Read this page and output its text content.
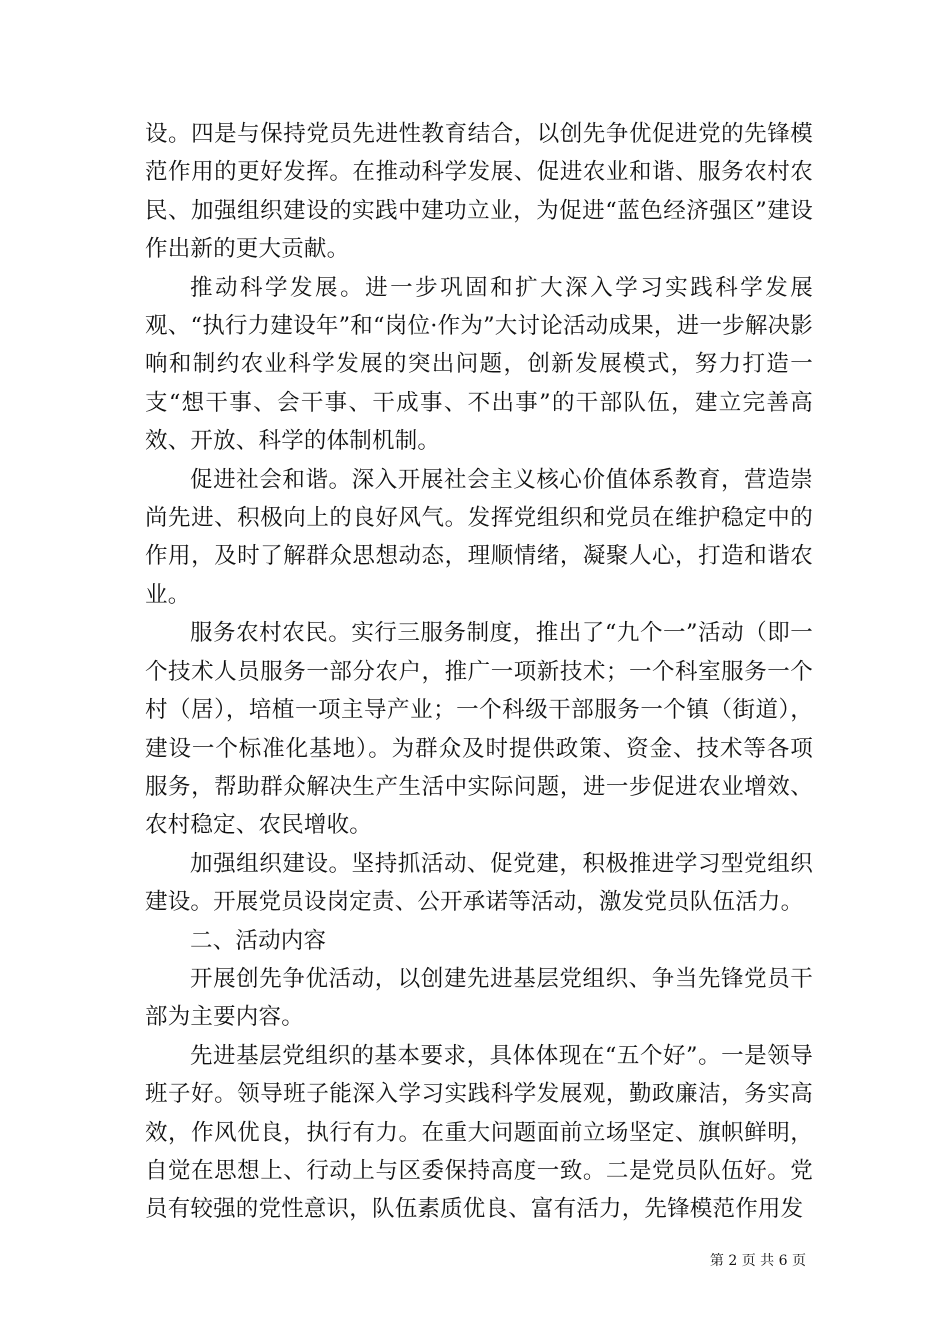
设。四是与保持党员先进性教育结合，以创先争优促进党的先锋模范作用的更好发挥。在推动科学发展、促进农业和谐、服务农村农民、加强组织建设的实践中建功立业，为促进“蓝色经济强区”建设作出新的更大贡献。

推动科学发展。进一步巩固和扩大深入学习实践科学发展观、“执行力建设年”和“岗位·作为”大讨论活动成果，进一步解决影响和制约农业科学发展的突出问题，创新发展模式，努力打造一支“想干事、会干事、干成事、不出事”的干部队伍，建立完善高效、开放、科学的体制机制。

促进社会和谐。深入开展社会主义核心价值体系教育，营造崇尚先进、积极向上的良好风气。发挥党组织和党员在维护稳定中的作用，及时了解群众思想动态，理顺情绪，凝聚人心，打造和谐农业。

服务农村农民。实行三服务制度，推出了“九个一”活动（即一个技术人员服务一部分农户，推广一项新技术；一个科室服务一个村（居），培植一项主导产业；一个科级干部服务一个镇（街道），建设一个标准化基地）。为群众及时提供政策、资金、技术等各项服务，帮助群众解决生产生活中实际问题，进一步促进农业增效、农村稳定、农民增收。

加强组织建设。坚持抓活动、促党建，积极推进学习型党组织建设。开展党员设岗定责、公开承诺等活动，激发党员队伍活力。

二、活动内容

开展创先争优活动，以创建先进基层党组织、争当先锋党员干部为主要内容。

先进基层党组织的基本要求，具体体现在“五个好”。一是领导班子好。领导班子能深入学习实践科学发展观，勤政廉洁，务实高效，作风优良，执行有力。在重大问题面前立场坚定、旗帜鲜明，自觉在思想上、行动上与区委保持高度一致。二是党员队伍好。党员有较强的党性意识，队伍素质优良、富有活力，先锋模范作用发

第 2 页 共 6 页
